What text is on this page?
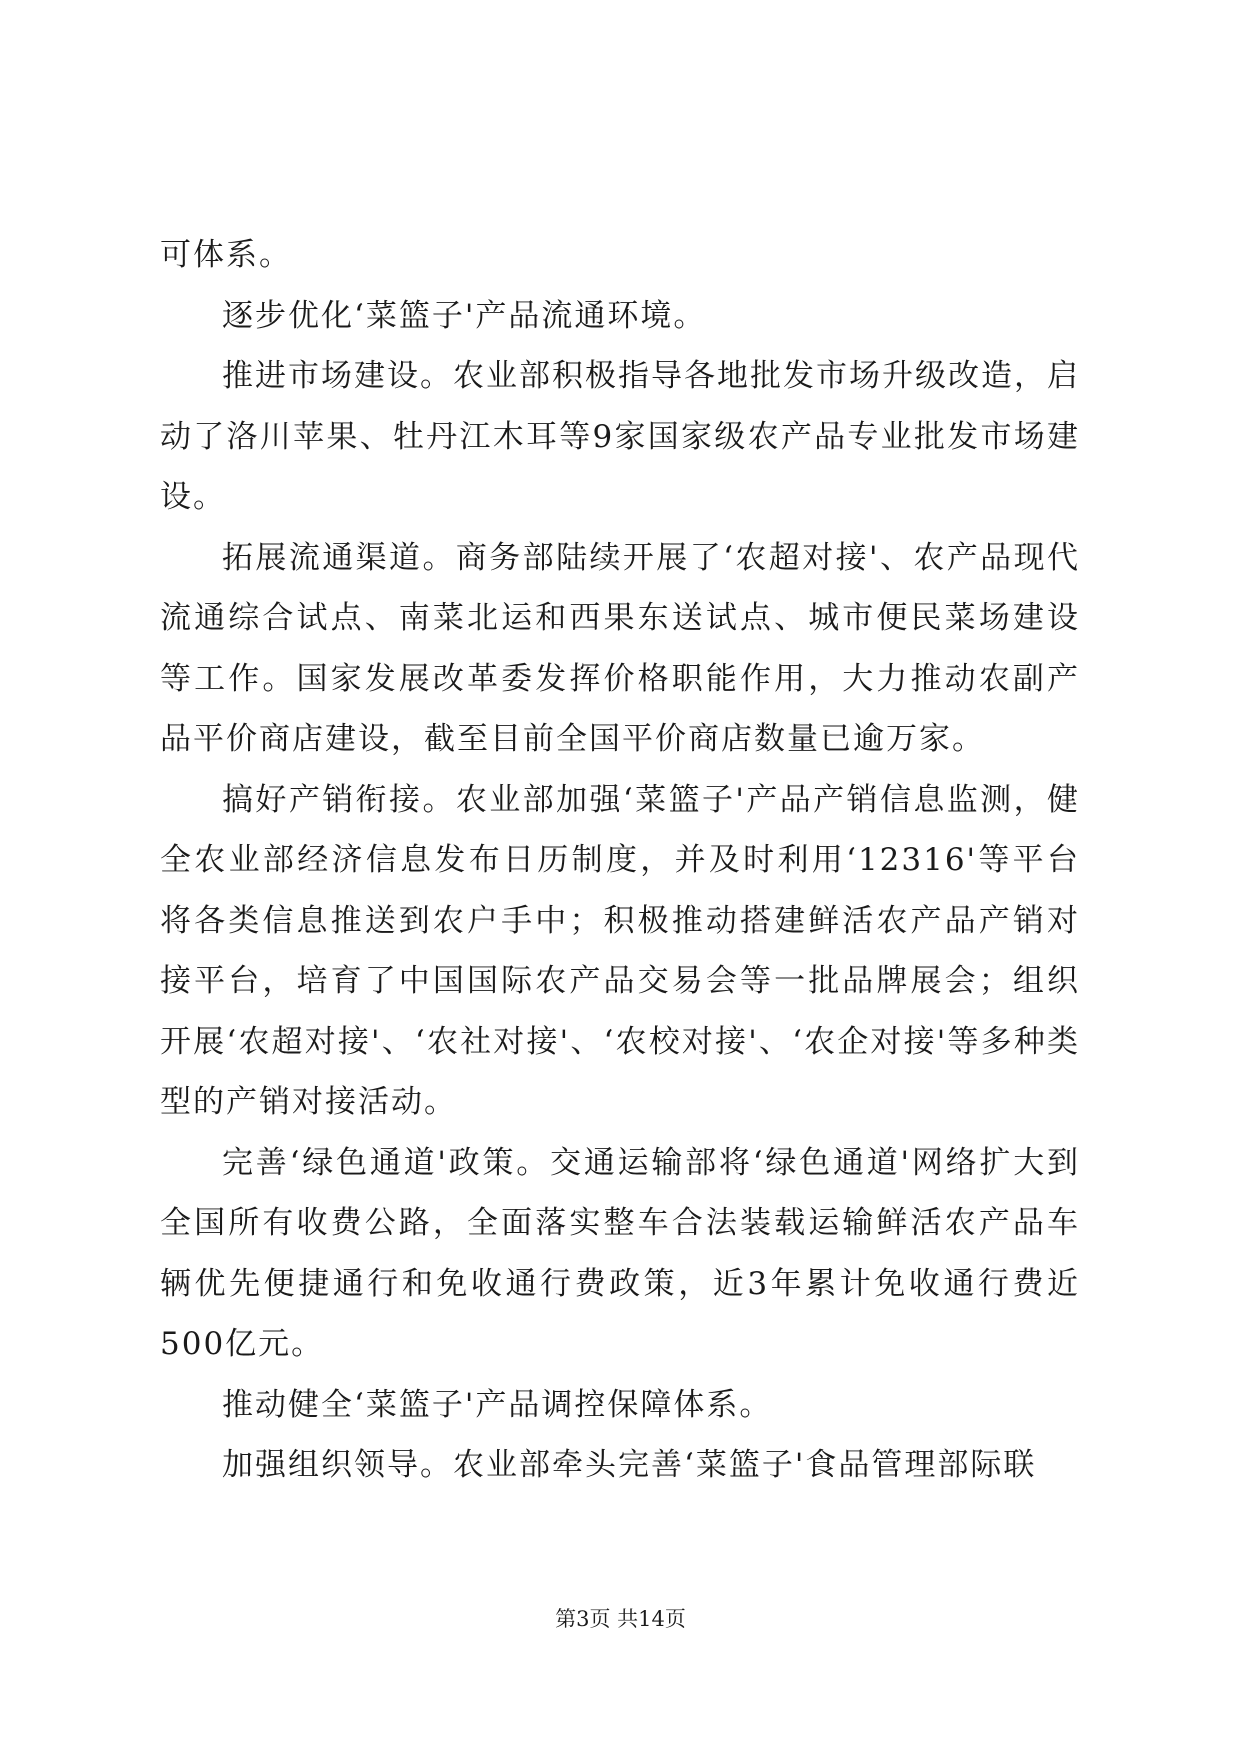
可体系。

逐步优化‘菜篮子'产品流通环境。

推进市场建设。农业部积极指导各地批发市场升级改造，启动了洛川苹果、牡丹江木耳等9家国家级农产品专业批发市场建设。

拓展流通渠道。商务部陆续开展了‘农超对接'、农产品现代流通综合试点、南菜北运和西果东送试点、城市便民菜场建设等工作。国家发展改革委发挥价格职能作用，大力推动农副产品平价商店建设，截至目前全国平价商店数量已逾万家。

搞好产销衔接。农业部加强‘菜篮子'产品产销信息监测，健全农业部经济信息发布日历制度，并及时利用‘12316'等平台将各类信息推送到农户手中；积极推动搭建鲜活农产品产销对接平台，培育了中国国际农产品交易会等一批品牌展会；组织开展‘农超对接'、‘农社对接'、‘农校对接'、‘农企对接'等多种类型的产销对接活动。

完善‘绿色通道'政策。交通运输部将‘绿色通道'网络扩大到全国所有收费公路，全面落实整车合法装载运输鲜活农产品车辆优先便捷通行和免收通行费政策，近3年累计免收通行费近500亿元。

推动健全‘菜篮子'产品调控保障体系。

加强组织领导。农业部牵头完善‘菜篮子'食品管理部际联

第3页 共14页
